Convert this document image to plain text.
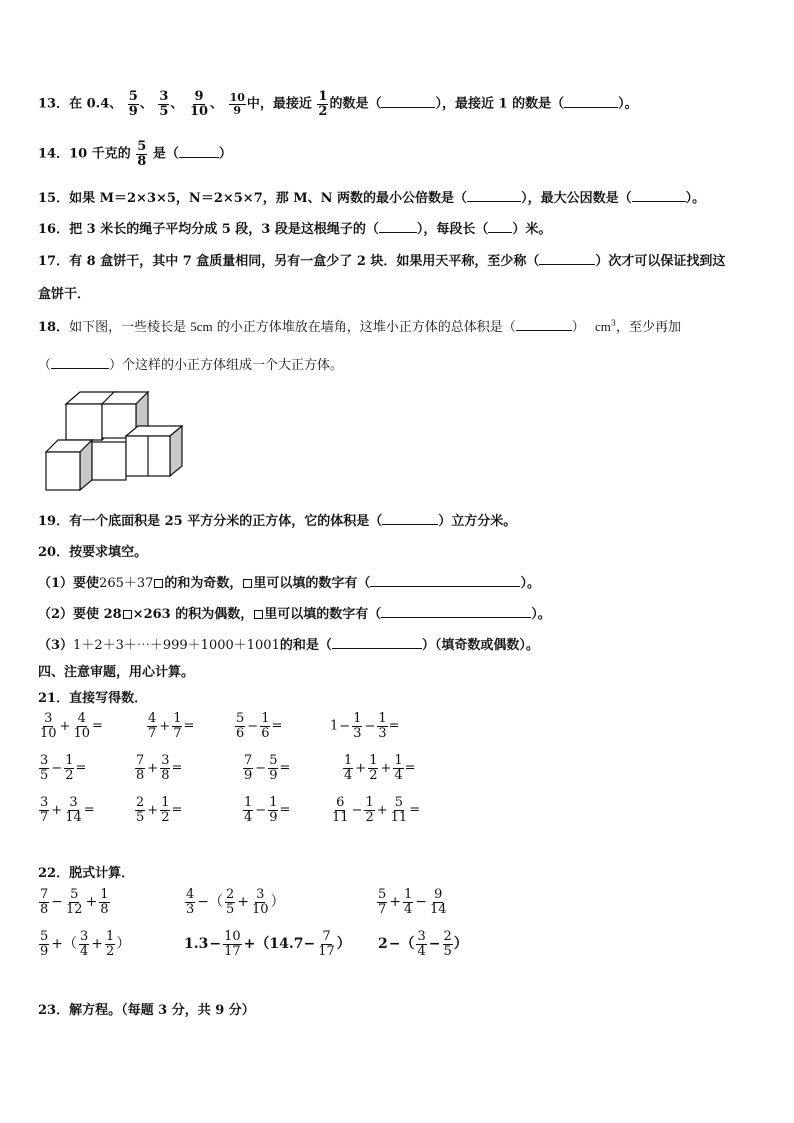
13．在 0.4、 $\frac{5}{9}$ 、 $\frac{3}{5}$ 、 $\frac{9}{10}$ 、 $\frac{10}{9}$ 中，最接近 $\frac{1}{2}$ 的数是（	），最接近 1 的数是（	）。
14．10 千克的 $\frac{5}{8}$ 是（	）
15．如果 M＝2×3×5，N＝2×5×7，那 M、N 两数的最小公倍数是（	），最大公因数是（	）。
16．把 3 米长的绳子平均分成 5 段，3 段是这根绳子的（	），每段长（ ）米。
17．有 8 盒饼干，其中 7 盒质量相同，另有一盒少了 2 块．如果用天平称，至少称（	）次才可以保证找到这
盒饼干．
18．如下图，一些棱长是 5cm 的小正方体堆放在墙角，这堆小正方体的总体积是（	） $cm^3$，至少再加
（	）个这样的小正方体组成一个大正方体。
19．有一个底面积是 25 平方分米的正方体，它的体积是（	）立方分米。
20．按要求填空。
（1）要使265＋37 的和为奇数， 里可以填的数字有（	）。
（2）要使 28 ×263 的积为偶数， 里可以填的数字有（	）。
（3）1＋2＋3＋⋯＋999＋1000＋1001的和是（	）（填奇数或偶数）。
四、注意审题，用心计算。
21．直接写得数．
$\frac{3}{10} + \frac{4}{10}$ =	$\frac{4}{7} + \frac{1}{7}$ =	$\frac{5}{6} - \frac{1}{6}$ =	$1- \frac{1}{3} - \frac{1}{3}$ =
$\frac{3}{5} - \frac{1}{2}$ =	$\frac{7}{8} + \frac{3}{8}$ =	$\frac{7}{9} - \frac{5}{9}$ =	$\frac{1}{4} + \frac{1}{2} + \frac{1}{4}$ =
$\frac{3}{7} + \frac{3}{14}$ =	$\frac{2}{5} + \frac{1}{2}$ =	$\frac{1}{4} - \frac{1}{9}$ =	$\frac{6}{11} - \frac{1}{2} + \frac{5}{11}$ =
22．脱式计算．
$\frac{7}{8} - \frac{5}{12} + \frac{1}{8}$	$\frac{4}{3}$ −（ $\frac{2}{5} + \frac{3}{10}$ ）	$\frac{5}{7} + \frac{1}{4} - \frac{9}{14}$
$\frac{5}{9}$ +（ $\frac{3}{4} + \frac{1}{2}$ ）	$1.3- \frac{10}{17} +(14.7- \frac{7}{17}$ ） $2-( \frac{3}{4} - \frac{2}{5}$ ）
23．解方程。（每题 3 分，共 9 分）
